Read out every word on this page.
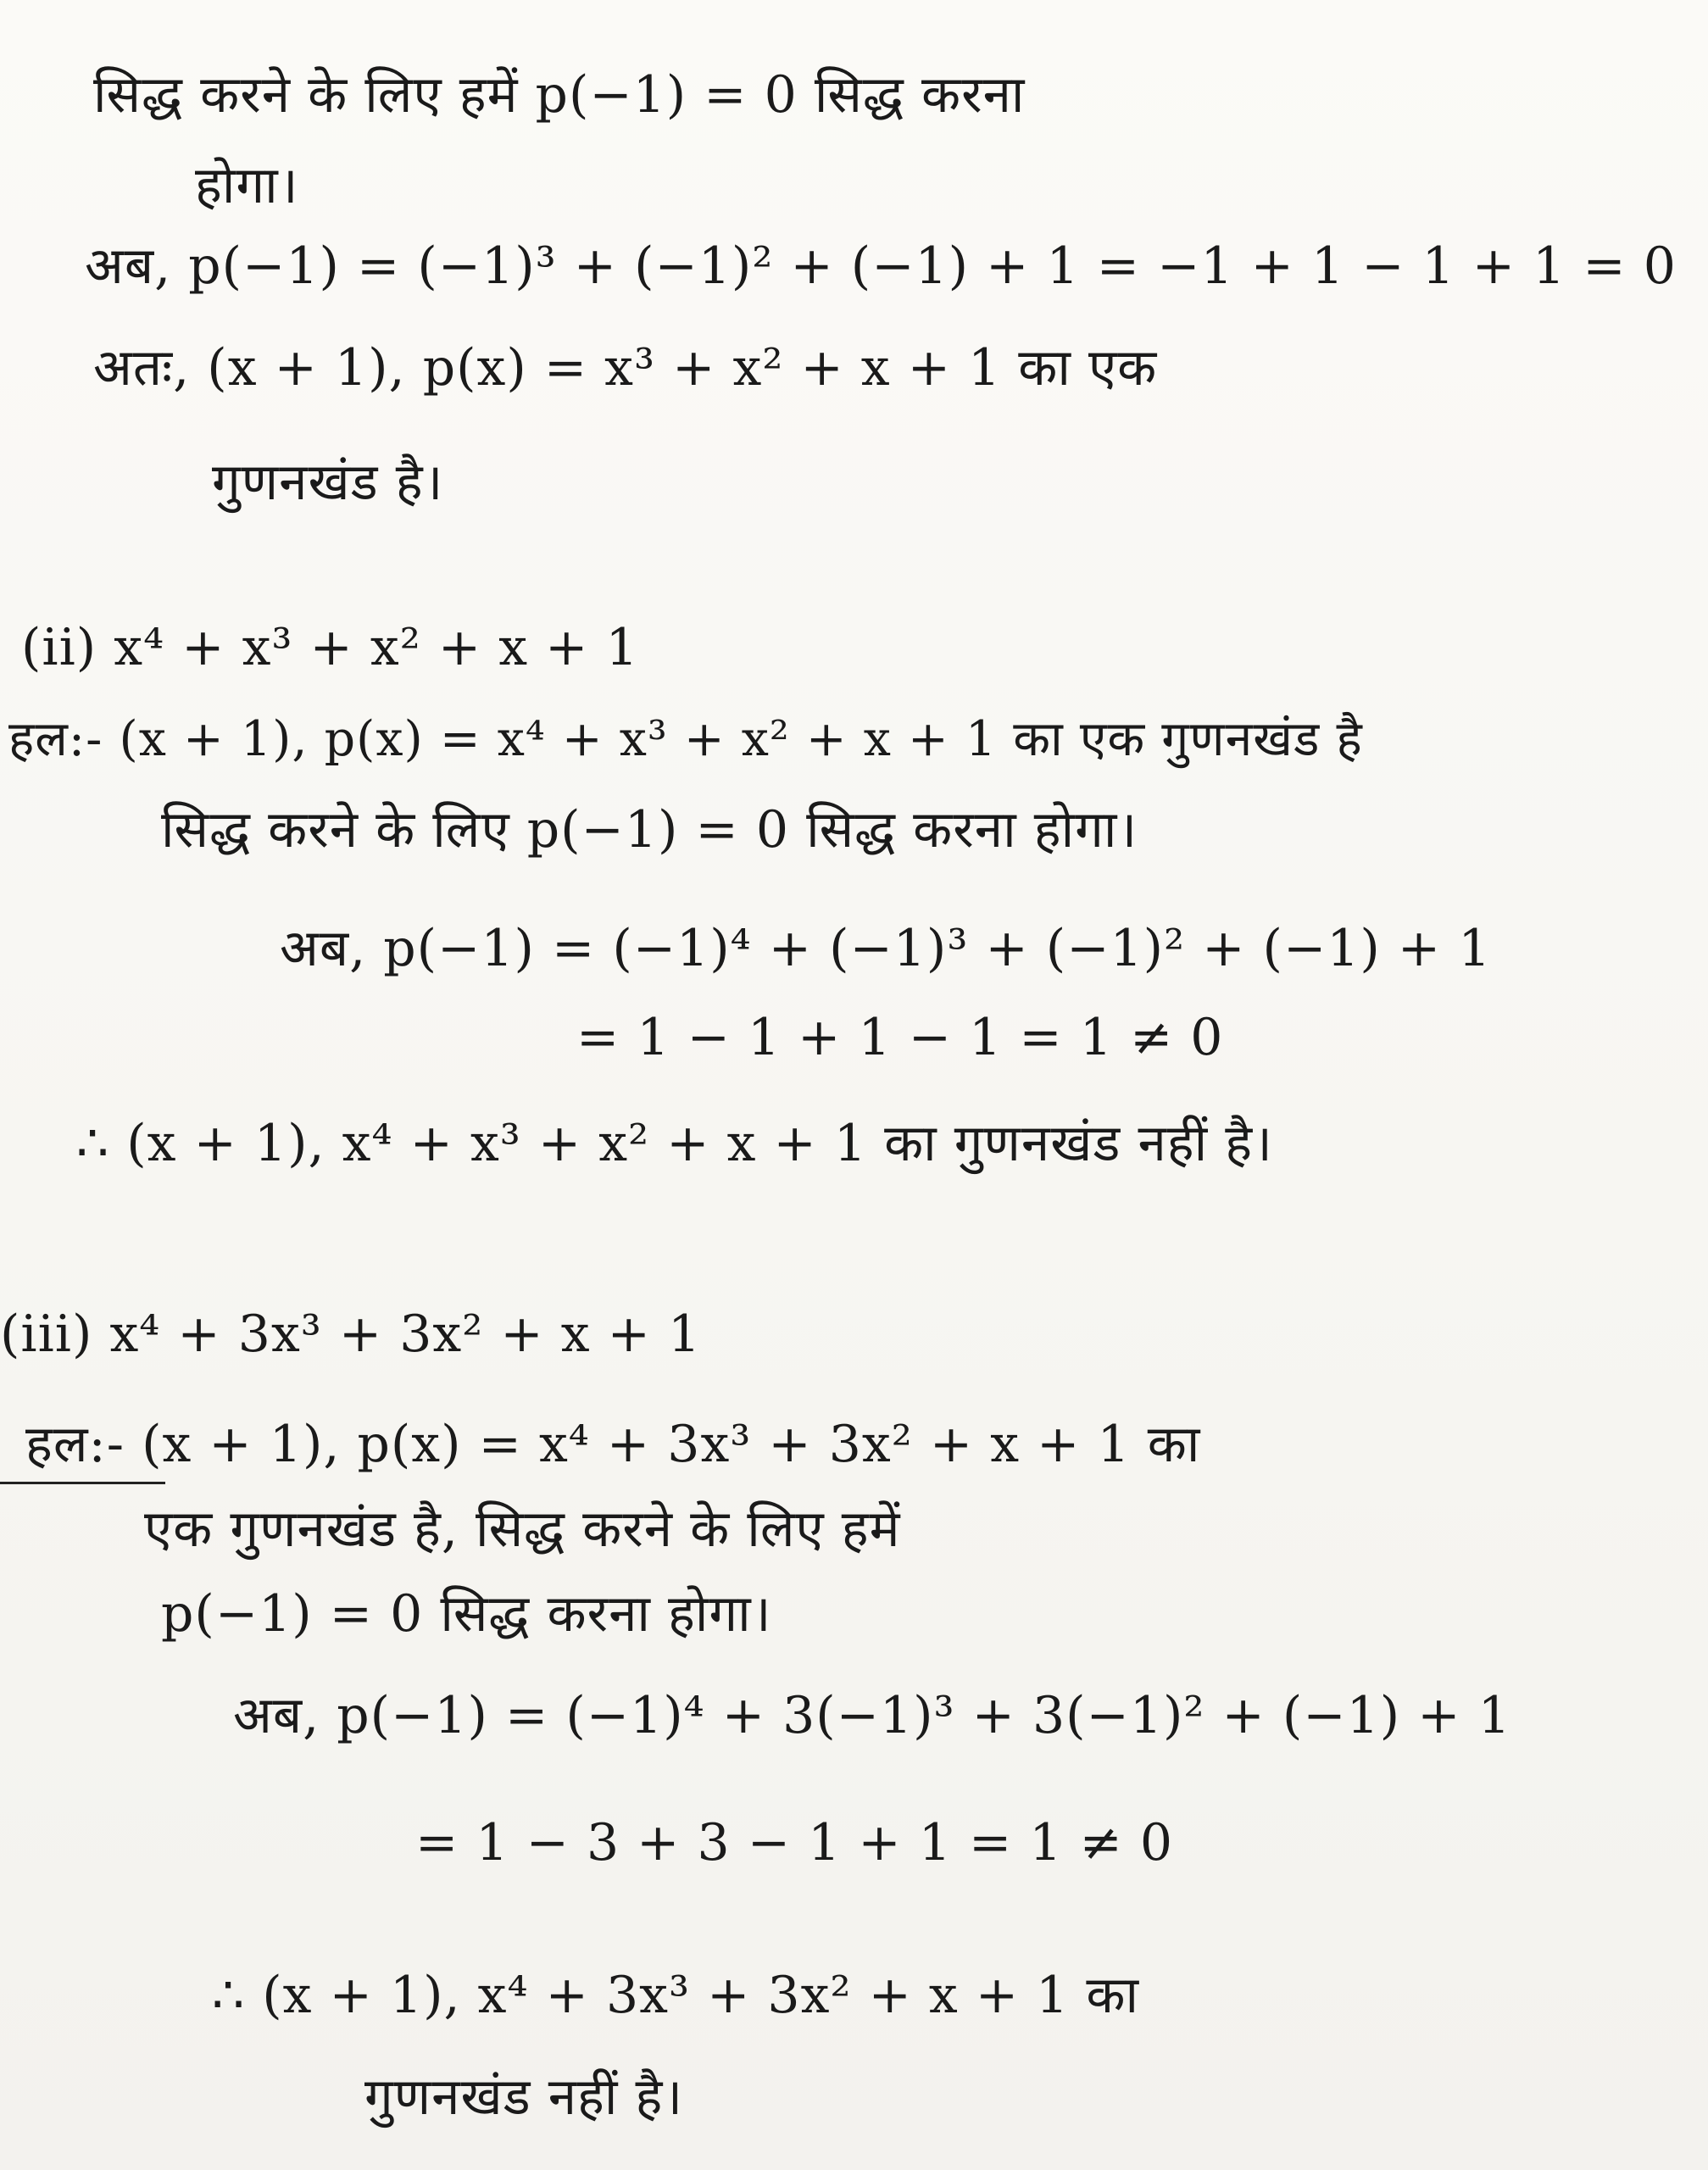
सिद्ध करने के लिए हमें p(−1) = 0 सिद्ध करना
होगा।
अब, p(−1) = (−1)³ + (−1)² + (−1) + 1 = −1 + 1 − 1 + 1 = 0
अतः, (x + 1), p(x) = x³ + x² + x + 1 का एक
गुणनखंड है।
(ii) x⁴ + x³ + x² + x + 1
हल:- (x + 1), p(x) = x⁴ + x³ + x² + x + 1 का एक गुणनखंड है
सिद्ध करने के लिए p(−1) = 0 सिद्ध करना होगा।
अब, p(−1) = (−1)⁴ + (−1)³ + (−1)² + (−1) + 1
= 1 − 1 + 1 − 1 = 1 ≠ 0
∴ (x + 1), x⁴ + x³ + x² + x + 1 का गुणनखंड नहीं है।
(iii) x⁴ + 3x³ + 3x² + x + 1
हल:- (x + 1), p(x) = x⁴ + 3x³ + 3x² + x + 1 का
एक गुणनखंड है, सिद्ध करने के लिए हमें
p(−1) = 0 सिद्ध करना होगा।
अब, p(−1) = (−1)⁴ + 3(−1)³ + 3(−1)² + (−1) + 1
= 1 − 3 + 3 − 1 + 1 = 1 ≠ 0
∴ (x + 1), x⁴ + 3x³ + 3x² + x + 1 का
गुणनखंड नहीं है।
